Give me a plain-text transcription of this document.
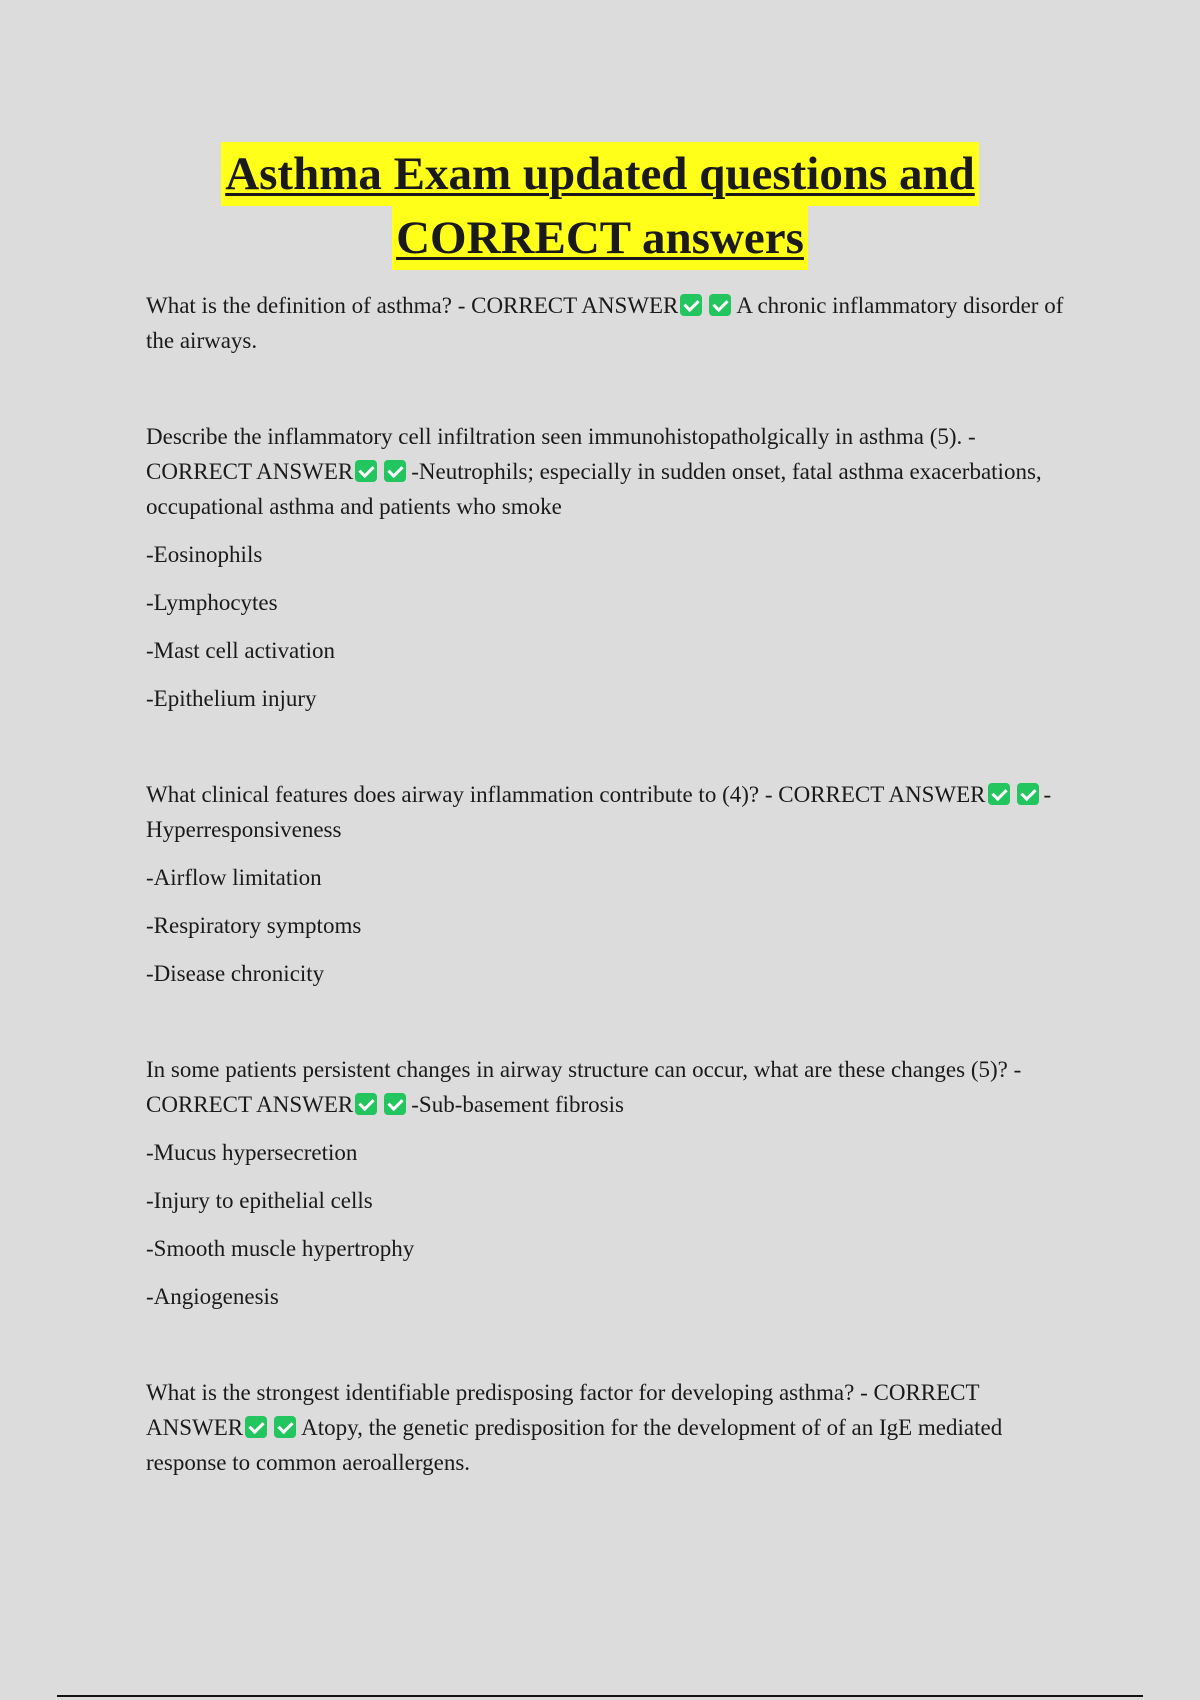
Asthma Exam updated questions and
CORRECT answers

What is the definition of asthma? - CORRECT ANSWER	A chronic inflammatory disorder of the airways.

Describe the inflammatory cell infiltration seen immunohistopatholgically in asthma (5). - CORRECT ANSWER	-Neutrophils; especially in sudden onset, fatal asthma exacerbations, occupational asthma and patients who smoke

-Eosinophils

-Lymphocytes

-Mast cell activation

-Epithelium injury

What clinical features does airway inflammation contribute to (4)? - CORRECT ANSWER	-Hyperresponsiveness

-Airflow limitation

-Respiratory symptoms

-Disease chronicity

In some patients persistent changes in airway structure can occur, what are these changes (5)? - CORRECT ANSWER	-Sub-basement fibrosis

-Mucus hypersecretion

-Injury to epithelial cells

-Smooth muscle hypertrophy

-Angiogenesis

What is the strongest identifiable predisposing factor for developing asthma? - CORRECT ANSWER	Atopy, the genetic predisposition for the development of of an IgE mediated response to common aeroallergens.
